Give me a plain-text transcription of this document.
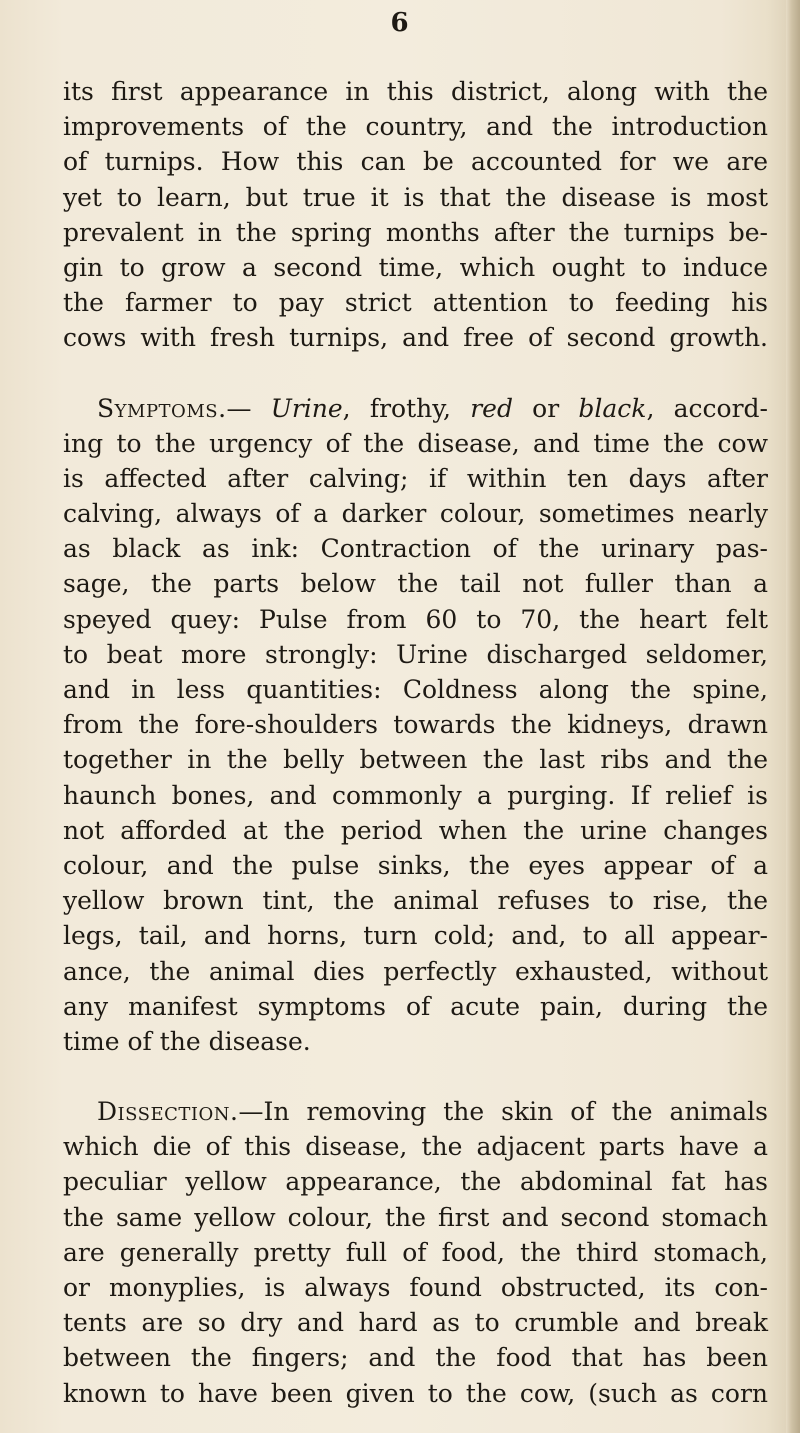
6
its first appearance in this district, along with the
improvements of the country, and the introduction
of turnips. How this can be accounted for we are
yet to learn, but true it is that the disease is most
prevalent in the spring months after the turnips be-
gin to grow a second time, which ought to induce
the farmer to pay strict attention to feeding his
cows with fresh turnips, and free of second growth.
Symptoms.— Urine, frothy, red or black, accord-
ing to the urgency of the disease, and time the cow
is affected after calving; if within ten days after
calving, always of a darker colour, sometimes nearly
as black as ink: Contraction of the urinary pas-
sage, the parts below the tail not fuller than a
speyed quey: Pulse from 60 to 70, the heart felt
to beat more strongly: Urine discharged seldomer,
and in less quantities: Coldness along the spine,
from the fore-shoulders towards the kidneys, drawn
together in the belly between the last ribs and the
haunch bones, and commonly a purging. If relief is
not afforded at the period when the urine changes
colour, and the pulse sinks, the eyes appear of a
yellow brown tint, the animal refuses to rise, the
legs, tail, and horns, turn cold; and, to all appear-
ance, the animal dies perfectly exhausted, without
any manifest symptoms of acute pain, during the
time of the disease.
Dissection.—In removing the skin of the animals
which die of this disease, the adjacent parts have a
peculiar yellow appearance, the abdominal fat has
the same yellow colour, the first and second stomach
are generally pretty full of food, the third stomach,
or monyplies, is always found obstructed, its con-
tents are so dry and hard as to crumble and break
between the fingers; and the food that has been
known to have been given to the cow, (such as corn
